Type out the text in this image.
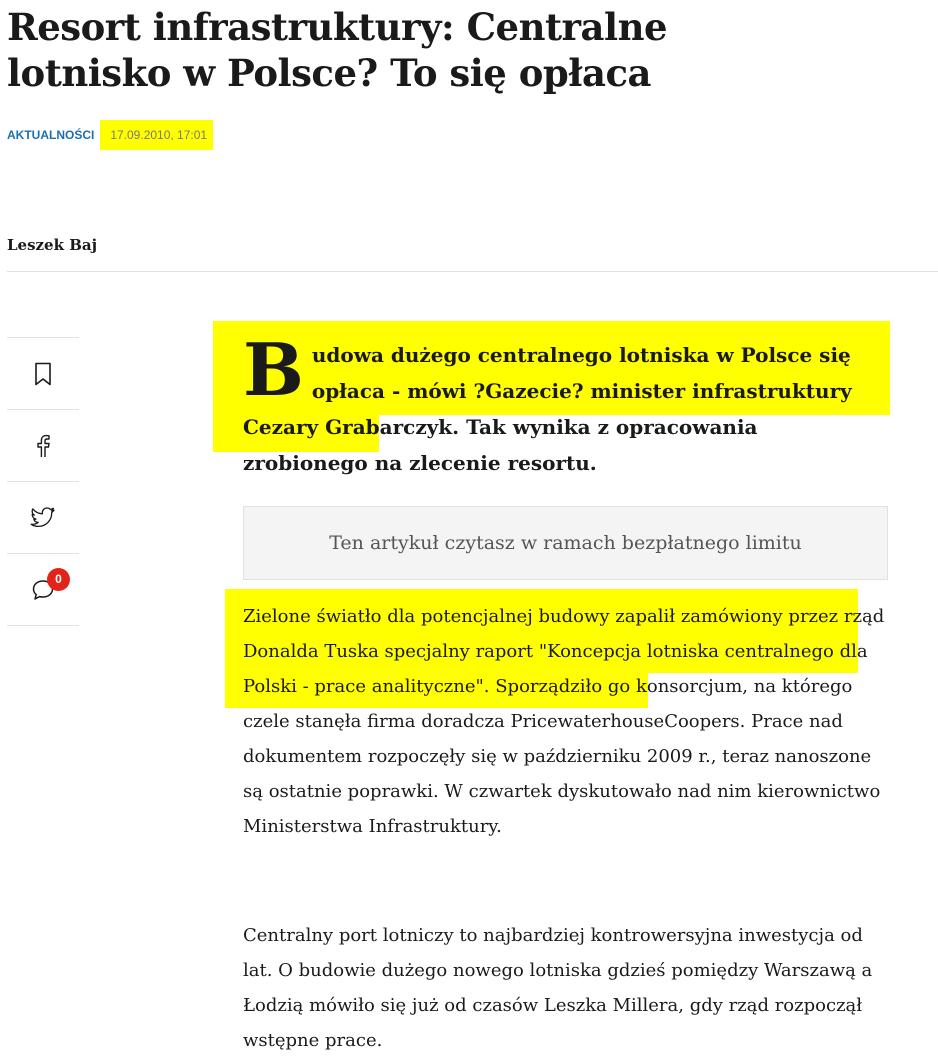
Resort infrastruktury: Centralne lotnisko w Polsce? To się opłaca
AKTUALNOŚCI	17.09.2010, 17:01
Leszek Baj
0

Budowa dużego centralnego lotniska w Polsce się opłaca - mówi ?Gazecie? minister infrastruktury Cezary Grabarczyk. Tak wynika z opracowania zrobionego na zlecenie resortu.

Ten artykuł czytasz w ramach bezpłatnego limitu

Zielone światło dla potencjalnej budowy zapalił zamówiony przez rząd Donalda Tuska specjalny raport "Koncepcja lotniska centralnego dla Polski - prace analityczne". Sporządziło go konsorcjum, na którego czele stanęła firma doradcza PricewaterhouseCoopers. Prace nad dokumentem rozpoczęły się w październiku 2009 r., teraz nanoszone są ostatnie poprawki. W czwartek dyskutowało nad nim kierownictwo Ministerstwa Infrastruktury.

Centralny port lotniczy to najbardziej kontrowersyjna inwestycja od lat. O budowie dużego nowego lotniska gdzieś pomiędzy Warszawą a Łodzią mówiło się już od czasów Leszka Millera, gdy rząd rozpoczął wstępne prace.
